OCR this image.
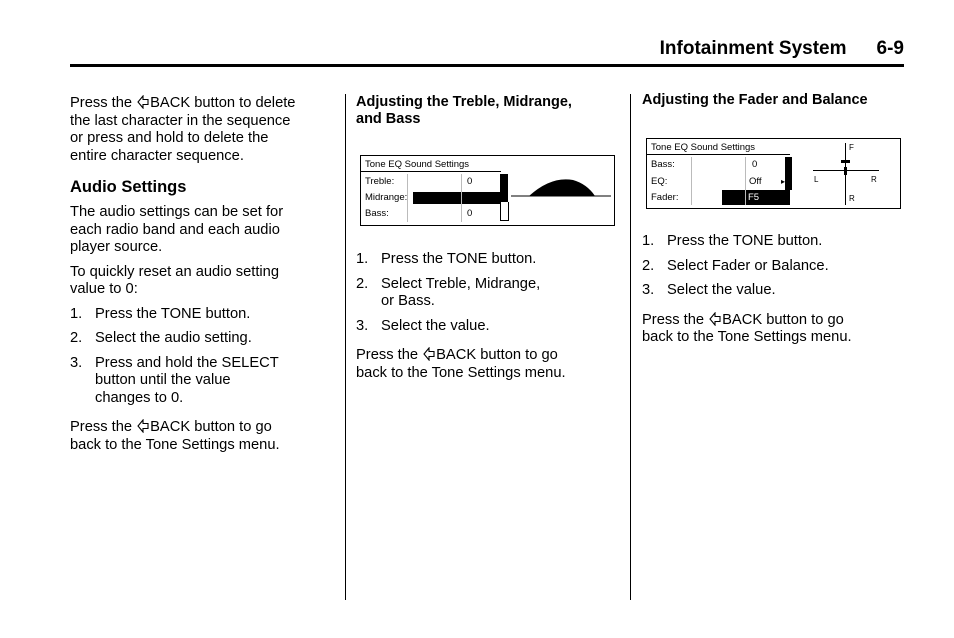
Infotainment System 6-9

Press the BACK button to delete
the last character in the sequence
or press and hold to delete the
entire character sequence.

Audio Settings

The audio settings can be set for
each radio band and each audio
player source.

To quickly reset an audio setting
value to 0:

1. Press the TONE button.
2. Select the audio setting.
3. Press and hold the SELECT
button until the value
changes to 0.

Press the BACK button to go
back to the Tone Settings menu.

Adjusting the Treble, Midrange,
and Bass

Tone EQ Sound Settings
Treble:	0
Midrange:
Bass:	0
1. Press the TONE button.
2. Select Treble, Midrange,
or Bass.
3. Select the value.

Press the BACK button to go
back to the Tone Settings menu.

Adjusting the Fader and Balance

Tone EQ Sound Settings
Bass:	0
EQ:	Off ▸
Fader:	F5
F
R
L	R
1. Press the TONE button.
2. Select Fader or Balance.
3. Select the value.

Press the BACK button to go
back to the Tone Settings menu.
